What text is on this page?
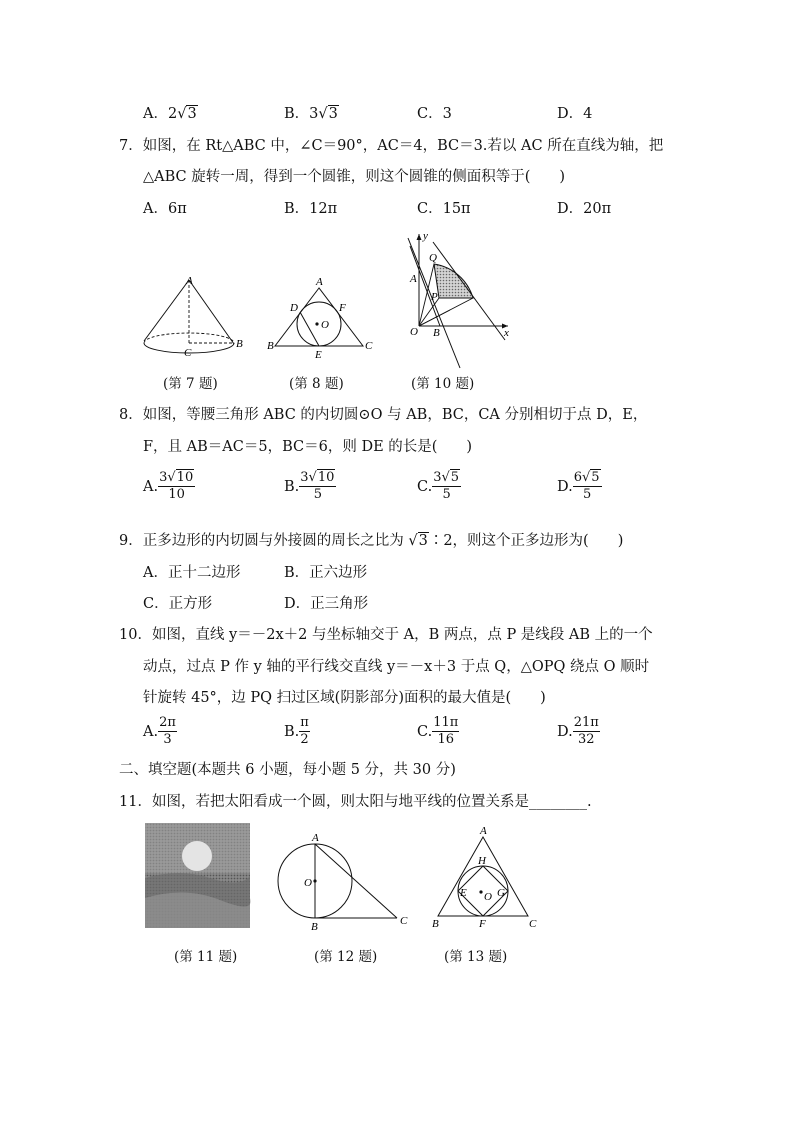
A．2√3	B．3√3	C．3	D．4
7．如图，在 Rt△ABC 中，∠C＝90°，AC＝4，BC＝3.若以 AC 所在直线为轴，把
△ABC 旋转一周，得到一个圆锥，则这个圆锥的侧面积等于(　　)
A．6π	B．12π	C．15π	D．20π
A
B
C
A
B	C
D
E
F
O
y
x
Q
A
P
O B
(第 7 题)	(第 8 题)	(第 10 题)
8．如图，等腰三角形 ABC 的内切圆⊙O 与 AB，BC，CA 分别相切于点 D，E，
F，且 AB＝AC＝5，BC＝6，则 DE 的长是(　　)
A. $\frac{3√10}{10}$	B. $\frac{3√10}{5}$	C. $\frac{3√5}{5}$	D. $\frac{6√5}{5}$
9．正多边形的内切圆与外接圆的周长之比为 √3∶2，则这个正多边形为(　　)
A．正十二边形	B．正六边形
C．正方形	D．正三角形
10．如图，直线 y＝－2x＋2 与坐标轴交于 A，B 两点，点 P 是线段 AB 上的一个
动点，过点 P 作 y 轴的平行线交直线 y＝－x＋3 于点 Q，△OPQ 绕点 O 顺时
针旋转 45°，边 PQ 扫过区域(阴影部分)面积的最大值是(　　)
A. $\frac{2\pi}{3}$	B. $\frac{\pi}{2}$	C. $\frac{11\pi}{16}$	D. $\frac{21\pi}{32}$
二、填空题(本题共 6 小题，每小题 5 分，共 30 分)
11．如图，若把太阳看成一个圆，则太阳与地平线的位置关系是________.
A
B	C
O
A
B	C
H
E	G
F
O
(第 11 题)	(第 12 题)	(第 13 题)
